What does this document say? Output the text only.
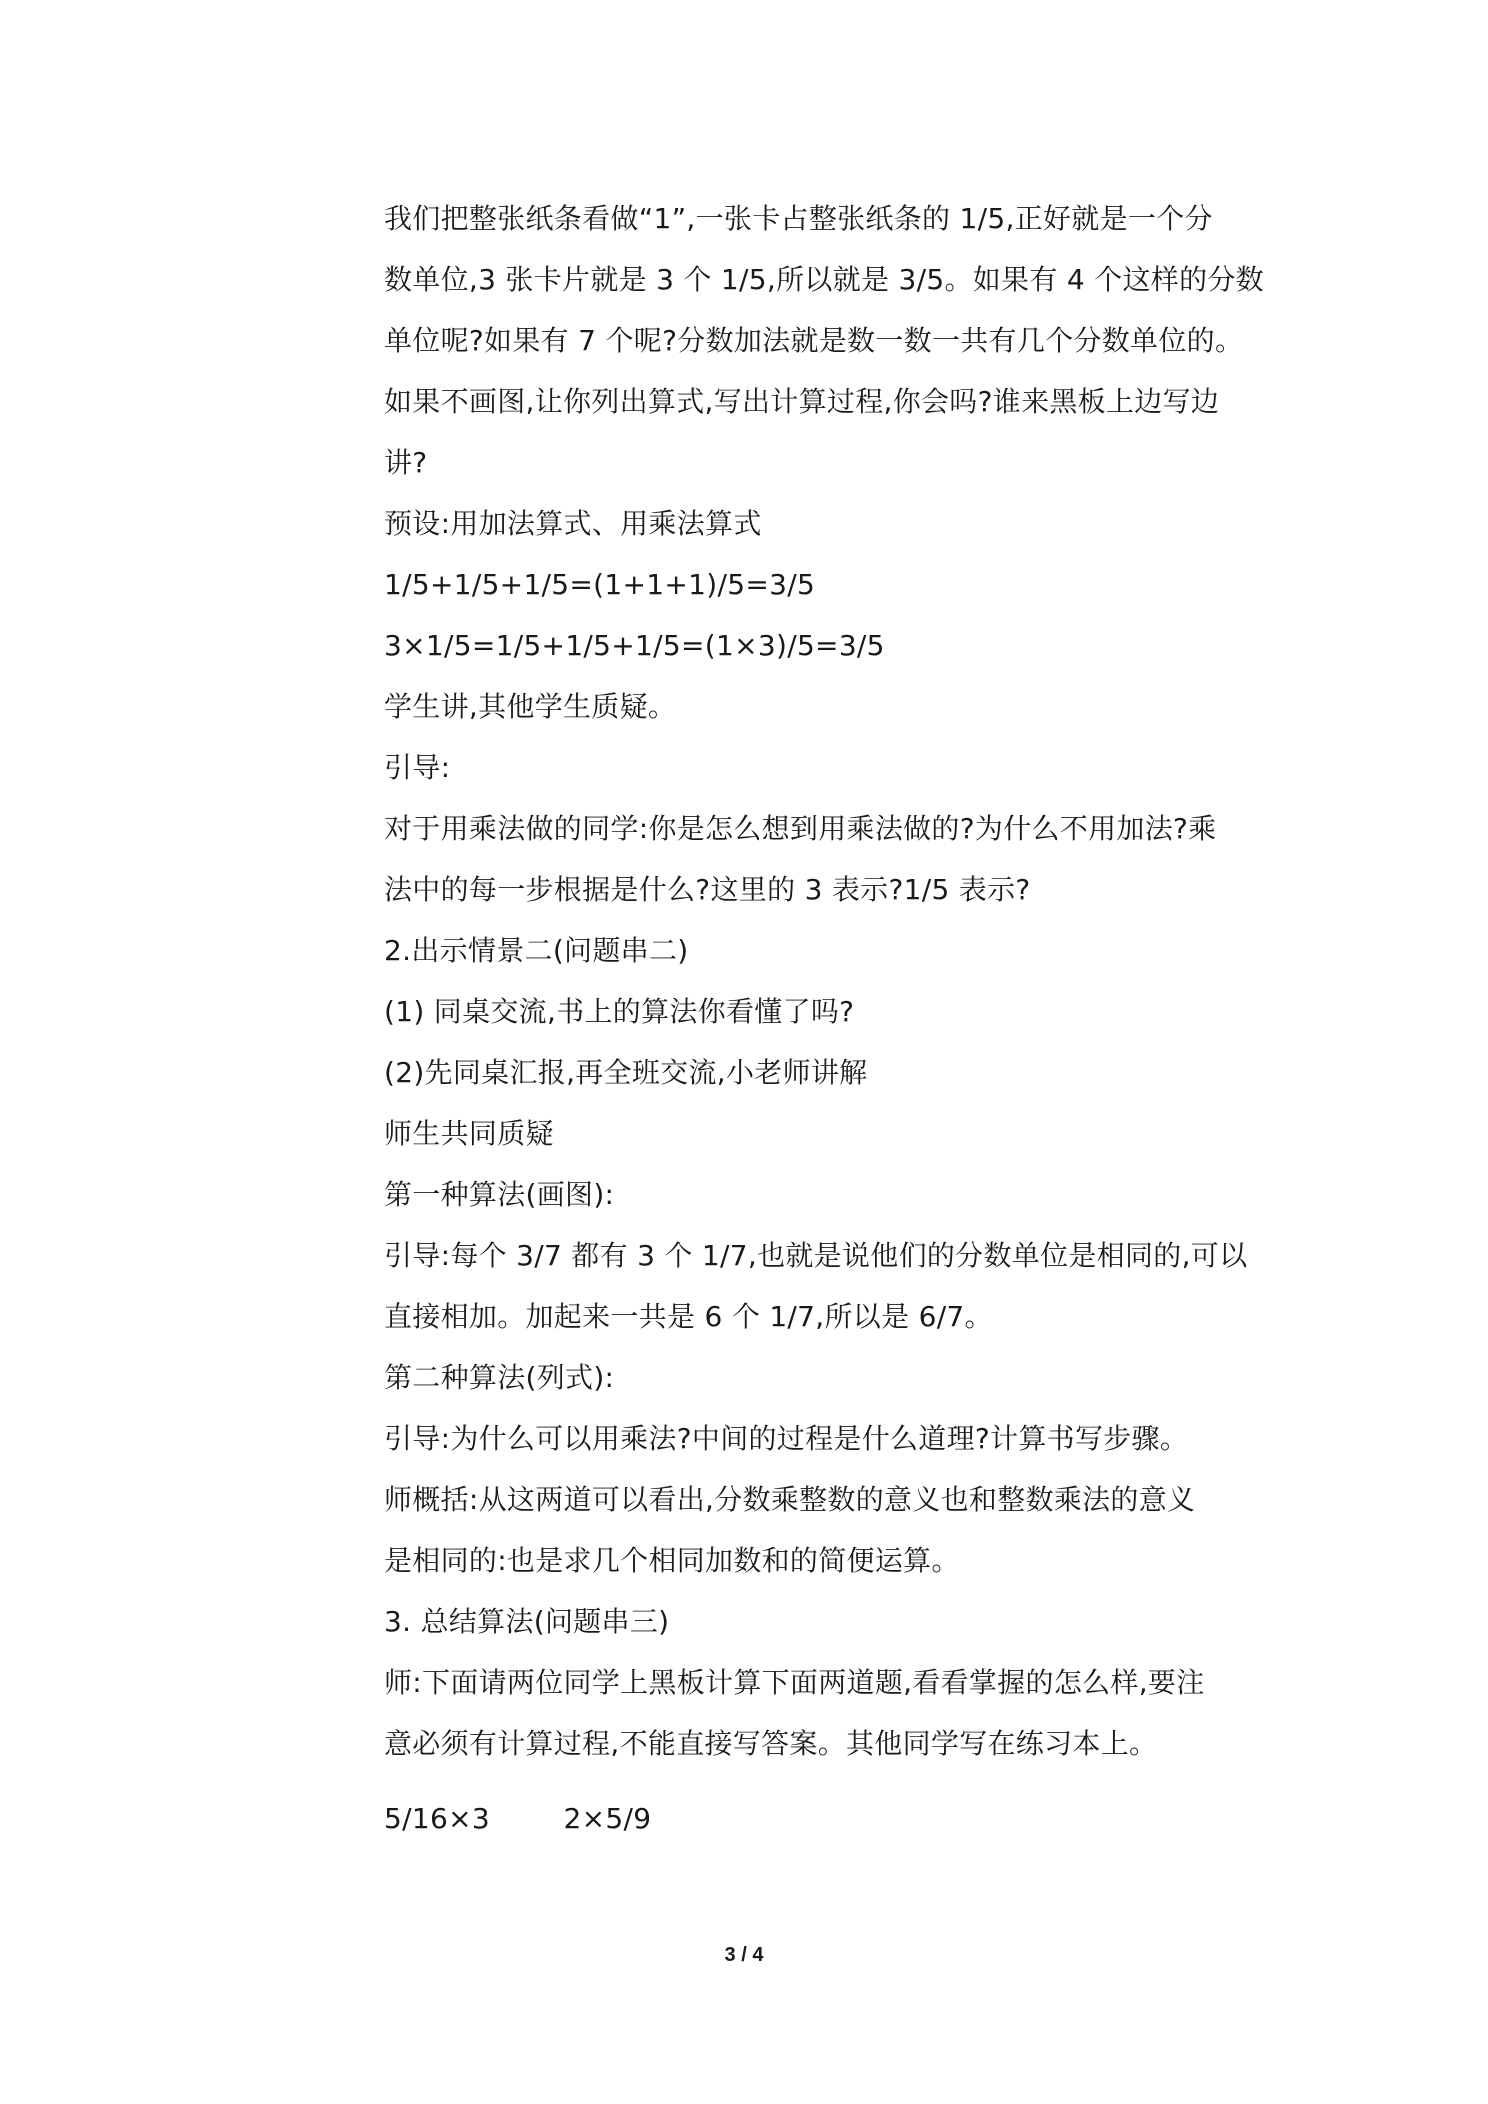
我们把整张纸条看做“1”,一张卡占整张纸条的 1/5,正好就是一个分
数单位,3 张卡片就是 3 个 1/5,所以就是 3/5。如果有 4 个这样的分数
单位呢?如果有 7 个呢?分数加法就是数一数一共有几个分数单位的。
如果不画图,让你列出算式,写出计算过程,你会吗?谁来黑板上边写边
讲?
预设:用加法算式、用乘法算式
1/5+1/5+1/5=(1+1+1)/5=3/5
3×1/5=1/5+1/5+1/5=(1×3)/5=3/5
学生讲,其他学生质疑。
引导:
对于用乘法做的同学:你是怎么想到用乘法做的?为什么不用加法?乘
法中的每一步根据是什么?这里的 3 表示?1/5 表示?
2.出示情景二(问题串二)
(1) 同桌交流,书上的算法你看懂了吗?
(2)先同桌汇报,再全班交流,小老师讲解
师生共同质疑
第一种算法(画图):
引导:每个 3/7 都有 3 个 1/7,也就是说他们的分数单位是相同的,可以
直接相加。加起来一共是 6 个 1/7,所以是 6/7。
第二种算法(列式):
引导:为什么可以用乘法?中间的过程是什么道理?计算书写步骤。
师概括:从这两道可以看出,分数乘整数的意义也和整数乘法的意义
是相同的:也是求几个相同加数和的简便运算。
3. 总结算法(问题串三)
师:下面请两位同学上黑板计算下面两道题,看看掌握的怎么样,要注
意必须有计算过程,不能直接写答案。其他同学写在练习本上。
5/16×3        2×5/9
3 / 4
